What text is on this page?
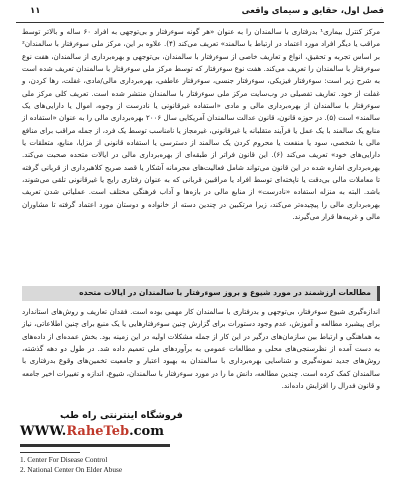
فصل اول، حقایق و سیمای واقعی
۱۱
مرکز کنترل بیماری¹ بدرفتاری با سالمندان را به عنوان «هر گونه سوءرفتار و بی‌توجهی به افراد ۶۰ ساله و بالاتر توسط مراقب یا دیگر افراد مورد اعتماد در ارتباط با سالمند» تعریف می‌کند (۴). علاوه بر این، مرکز ملی سوءرفتار با سالمندان² بر اساس تجربه و تحقیق، انواع و تعاریف خاصی از سوءرفتار با سالمندان، بی‌توجهی و بهره‌برداری از سالمندان، هفت نوع سوءرفتار با سالمندان را تعریف می‌کند. هفت نوع سوءرفتار که توسط مرکز ملی سوءرفتار با سالمندان تعریف شده است به شرح زیر است: سوءرفتار فیزیکی، سوءرفتار جنسی، سوءرفتار عاطفی، بهره‌برداری مالی/مادی، غفلت، رها کردن، و غفلت از خود. تعاریف تفصیلی در وب‌سایت مرکز ملی سوءرفتار با سالمندان منتشر شده است. تعریف کلی مرکز ملی سوءرفتار با سالمندان از بهره‌برداری مالی و مادی «استفاده غیرقانونی یا نادرست از وجوه، اموال یا دارایی‌های یک سالمند» است (۵). در حوزه قانون، قانون عدالت سالمندان آمریکایی سال ۲۰۰۶ بهره‌برداری مالی را به عنوان «استفاده از منابع یک سالمند با یک عمل یا فرآیند متقلبانه یا غیرقانونی، غیرمجاز یا نامناسب توسط یک فرد، از جمله مراقب برای منافع مالی یا شخصی، سود یا منفعت یا محروم کردن یک سالمند از دسترسی یا استفاده قانونی از مزایا، منابع، متعلقات یا دارایی‌های خود» تعریف می‌کند (۶). این قانون فراتر از طبقه‌ای از بهره‌برداری مالی در ایالات متحده صحبت می‌کند. بهره‌برداری اشاره شده در این قانون می‌تواند شامل فعالیت‌های مجرمانه آشکار یا قصد صریح کلاهبرداری از قربانی گرفته تا معاملات مالی بی‌دقت یا ناپخته‌ای توسط افراد یا مراقبین قربانی که به عنوان رفتاری رایج یا غیرقانونی تلقی می‌شوند، باشد. البته به منزله استفاده «نادرست» از منابع مالی در بازه‌ها و آداب فرهنگی مختلف است. عملیاتی شدن تعریف بهره‌برداری مالی را پیچیده‌تر می‌کند، زیرا مرتکبین در چندین دسته از خانواده و دوستان مورد اعتماد گرفته تا مشاوران مالی و غریبه‌ها قرار می‌گیرند.
مطالعات ارزشمند در مورد شیوع و بروز سوءرفتار با سالمندان در ایالات متحده
اندازه‌گیری شیوع سوءرفتار، بی‌توجهی و بدرفتاری با سالمندان کار مهمی بوده است. فقدان تعاریف و روش‌های استاندارد برای پیشبرد مطالعه و آموزش، عدم وجود دستورات برای گزارش چنین سوءرفتارهایی یا یک منبع برای چنین اطلاعاتی، نیاز به هماهنگی و ارتباط بین سازمان‌های درگیر در این کار از جمله مشکلات اولیه در این زمینه بود. بخش عمده‌ای از داده‌های به دست آمده از نظرسنجی‌های محلی و مطالعات عمومی به برآوردهای ملی تعمیم داده شد. در طول دو دهه گذشته، روش‌های جدید نمونه‌گیری و شناسایی بهره‌برداری با سالمندان به بهبود اعتبار و جامعیت تخمین‌های وقوع بدرفتاری با سالمندان کمک کرده است. چندین مطالعه، دانش ما را در مورد سوءرفتار با سالمندان، شیوع، اندازه و تغییرات اخیر جامعه و قانون فدرال را افزایش داده‌اند.
فروشگاه اینترنتی راه طب
WWW.RaheTeb.com
1. Center For Disease Control
2. National Center On Elder Abuse
